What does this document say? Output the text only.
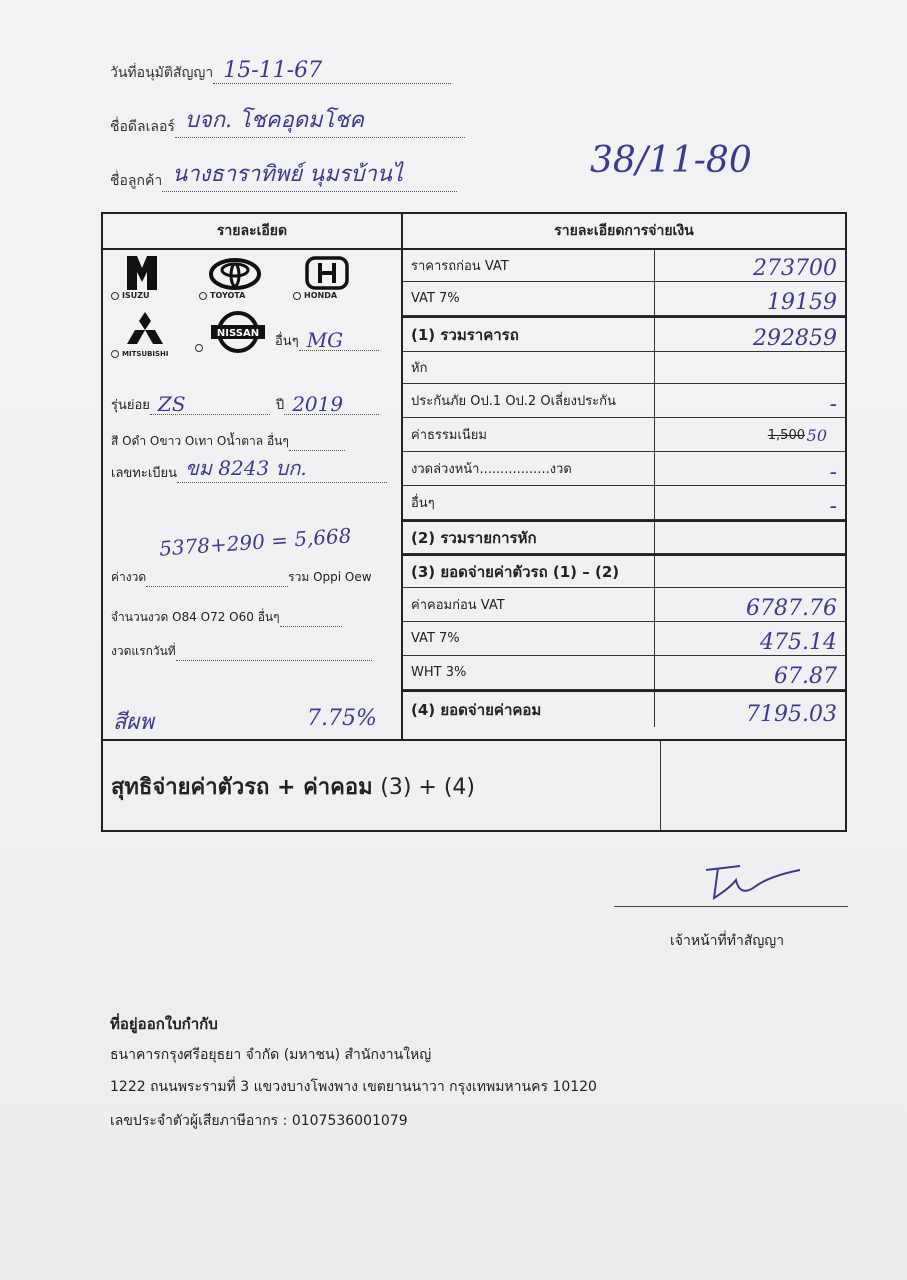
วันที่อนุมัติสัญญา 15-11-67
ชื่อดีลเลอร์ บจก. โชคอุดมโชค
ชื่อลูกค้า นางธาราทิพย์ นุมรบ้านไ	38/11-80
รายละเอียด
ISUZU	TOYOTA	HONDA
MITSUBISHI
NISSAN
อื่นๆ MG
รุ่นย่อย ZS	ปี 2019
สี Oดำ Oขาว Oเทา Oน้ำตาล อื่นๆ
เลขทะเบียน ขม 8243 บก.
5378+290 = 5,668
ค่างวด	รวม Oppi Oew
จำนวนงวด O84 O72 O60 อื่นๆ
งวดแรกวันที่
สีผพ	7.75%
รายละเอียดการจ่ายเงิน
ราคารถก่อน VAT	273700
VAT 7%	19159
(1) รวมราคารถ	292859
หัก
ประกันภัย Oป.1 Oป.2 Oเลี่ยงประกัน	-
ค่าธรรมเนียม	1,500 50
งวดล่วงหน้า.................งวด	-
อื่นๆ	-
(2) รวมรายการหัก
(3) ยอดจ่ายค่าตัวรถ (1) – (2)
ค่าคอมก่อน VAT	6787.76
VAT 7%	475.14
WHT 3%	67.87
(4) ยอดจ่ายค่าคอม	7195.03
สุทธิจ่ายค่าตัวรถ + ค่าคอม (3) + (4)
เจ้าหน้าที่ทำสัญญา
ที่อยู่ออกใบกำกับ
ธนาคารกรุงศรีอยุธยา จำกัด (มหาชน) สำนักงานใหญ่
1222 ถนนพระรามที่ 3 แขวงบางโพงพาง เขตยานนาวา กรุงเทพมหานคร 10120
เลขประจำตัวผู้เสียภาษีอากร : 0107536001079
